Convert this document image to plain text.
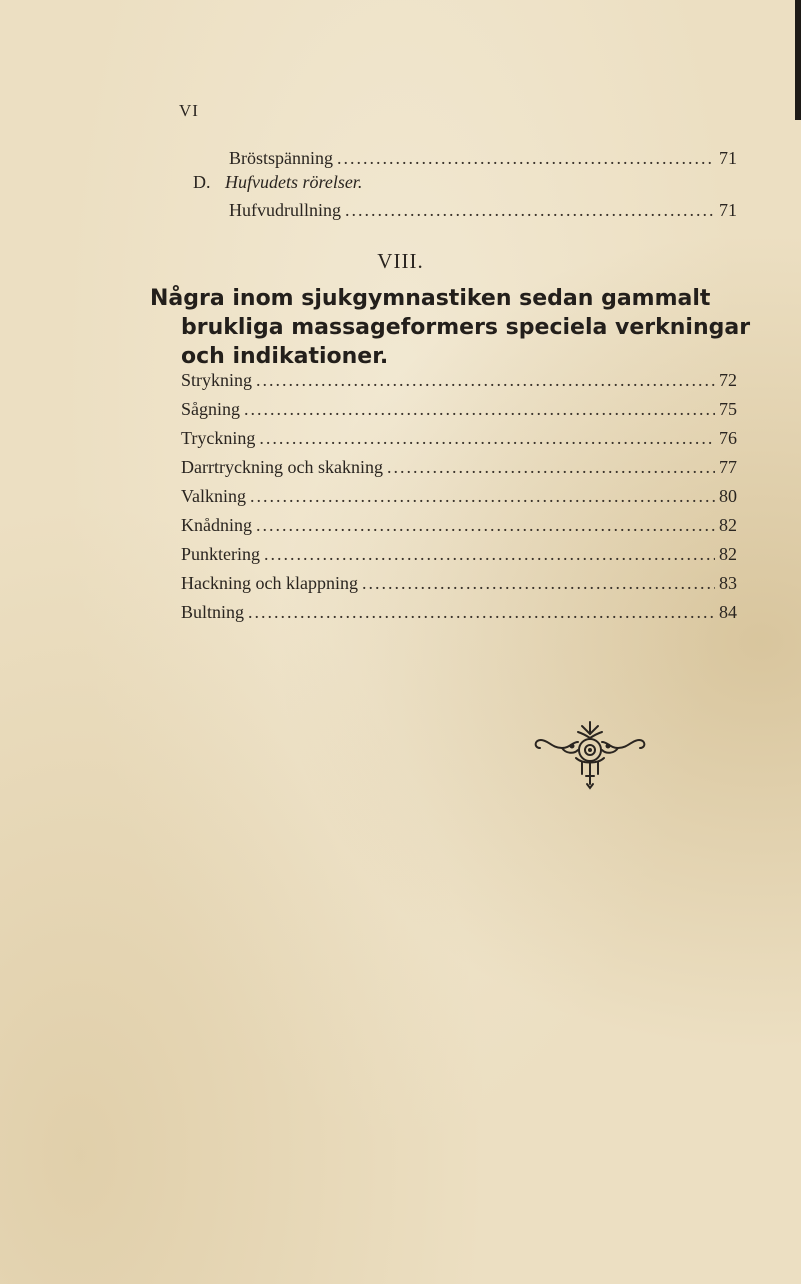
VI
Bröstspänning .....	71
D. Hufvudets rörelser.
Hufvudrullning .....	71
VIII.
Några inom sjukgymnastiken sedan gammalt
brukliga massageformers speciela verkningar
och indikationer.
Strykning .....	72
Sågning .....	75
Tryckning .....	76
Darrtryckning och skakning .....	77
Valkning .....	80
Knådning .....	82
Punktering .....	82
Hackning och klappning .....	83
Bultning .....	84
